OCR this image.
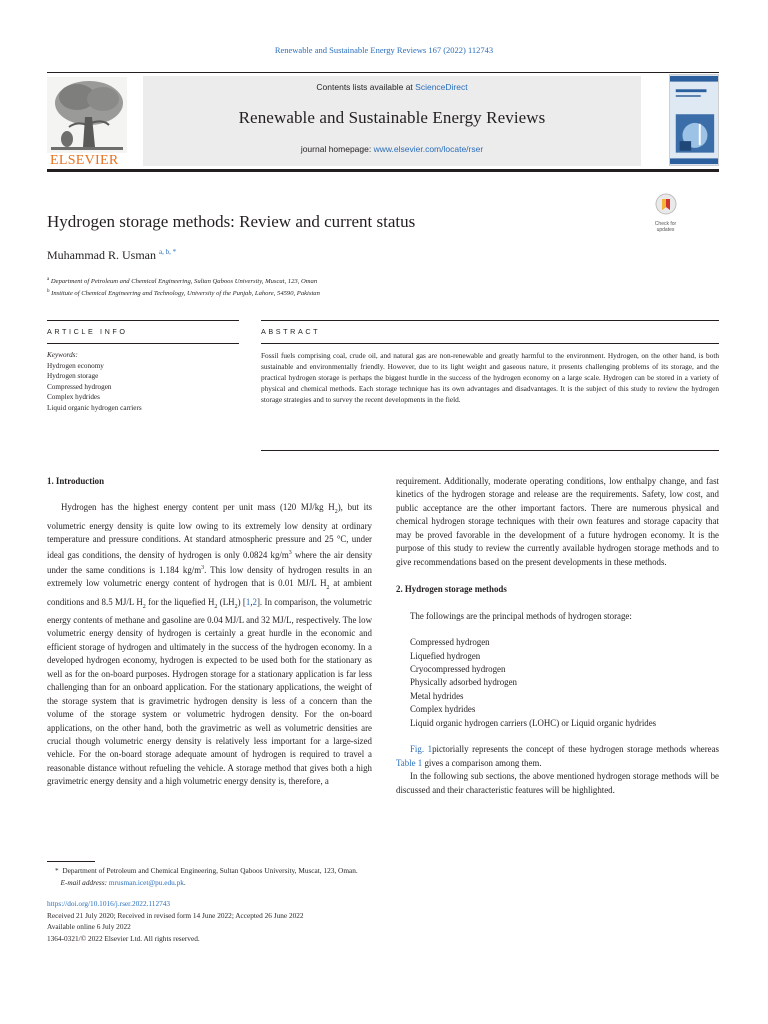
Renewable and Sustainable Energy Reviews 167 (2022) 112743
ELSEVIER
Contents lists available at ScienceDirect
Renewable and Sustainable Energy Reviews
journal homepage: www.elsevier.com/locate/rser
Hydrogen storage methods: Review and current status	Check for
updates
Muhammad R. Usman $^{a, b, *}$
$^a$ Department of Petroleum and Chemical Engineering, Sultan Qaboos University, Muscat, 123, Oman
$^b$ Institute of Chemical Engineering and Technology, University of the Punjab, Lahore, 54590, Pakistan
ARTICLE INFO	ABSTRACT
Keywords:
Hydrogen economy
Hydrogen storage
Compressed hydrogen
Complex hydrides
Liquid organic hydrogen carriers
Fossil fuels comprising coal, crude oil, and natural gas are non-renewable and greatly harmful to the environment. Hydrogen, on the other hand, is both sustainable and environmentally friendly. However, due to its light weight and gaseous nature, it presents challenging problems of its storage, and the practical hydrogen storage is perhaps the biggest hurdle in the success of the hydrogen economy on a large scale. Hydrogen can be stored in a variety of physical and chemical methods. Each storage technique has its own advantages and disadvantages. It is the subject of this study to review the hydrogen storage strategies and to survey the recent developments in the field.
1. Introduction

Hydrogen has the highest energy content per unit mass (120 MJ/kg $H_2$), but its volumetric energy density is quite low owing to its extremely low density at ordinary temperature and pressure conditions. At standard atmospheric pressure and 25 °C, under ideal gas conditions, the density of hydrogen is only 0.0824 $kg/m^3$ where the air density under the same conditions is 1.184 $kg/m^3$. This low density of hydrogen results in an extremely low volumetric energy content of hydrogen that is 0.01 MJ/L $H_2$ at ambient conditions and 8.5 MJ/L $H_2$ for the liquefied $H_2$ $(LH_2)$ [1,2]. In comparison, the volumetric energy contents of methane and gasoline are 0.04 MJ/L and 32 MJ/L, respectively. The low volumetric energy density of hydrogen is certainly a great hurdle in the economic and efficient storage of hydrogen and ultimately in the success of the hydrogen economy. In a developed hydrogen economy, hydrogen is expected to be used both for the stationary as well as for the on-board purposes. Hydrogen storage for a stationary application is far less challenging than for an onboard application. For the stationary applications, the weight of the storage system that is gravimetric hydrogen density is less of a concern than the volume of the storage system or volumetric hydrogen density. For the on-board applications, on the other hand, both the gravimetric as well as volumetric densities are crucial though volumetric energy density is relatively less important for a large-sized vehicle. For the on-board storage adequate amount of hydrogen is required to travel a reasonable distance without refueling the vehicle. A storage method that gives both a high gravimetric energy density and a high volumetric energy density is, therefore, a

requirement. Additionally, moderate operating conditions, low enthalpy change, and fast kinetics of the hydrogen storage and release are the requirements. Safety, low cost, and public acceptance are the other important factors. There are numerous physical and chemical hydrogen storage techniques with their own features and storage capacity that may be proved favorable in the development of a future hydrogen economy. It is the purpose of this study to review the currently available hydrogen storage methods and to give recommendations based on the present developments in these methods.

2. Hydrogen storage methods

The followings are the principal methods of hydrogen storage:

Compressed hydrogen
Liquefied hydrogen
Cryocompressed hydrogen
Physically adsorbed hydrogen
Metal hydrides
Complex hydrides
Liquid organic hydrogen carriers (LOHC) or Liquid organic hydrides

Fig. 1pictorially represents the concept of these hydrogen storage methods whereas Table 1 gives a comparison among them.

In the following sub sections, the above mentioned hydrogen storage methods will be discussed and their characteristic features will be highlighted.

* Department of Petroleum and Chemical Engineering, Sultan Qaboos University, Muscat, 123, Oman.
E-mail address: mrusman.icet@pu.edu.pk.
https://doi.org/10.1016/j.rser.2022.112743
Received 21 July 2020; Received in revised form 14 June 2022; Accepted 26 June 2022
Available online 6 July 2022
1364-0321/© 2022 Elsevier Ltd. All rights reserved.
